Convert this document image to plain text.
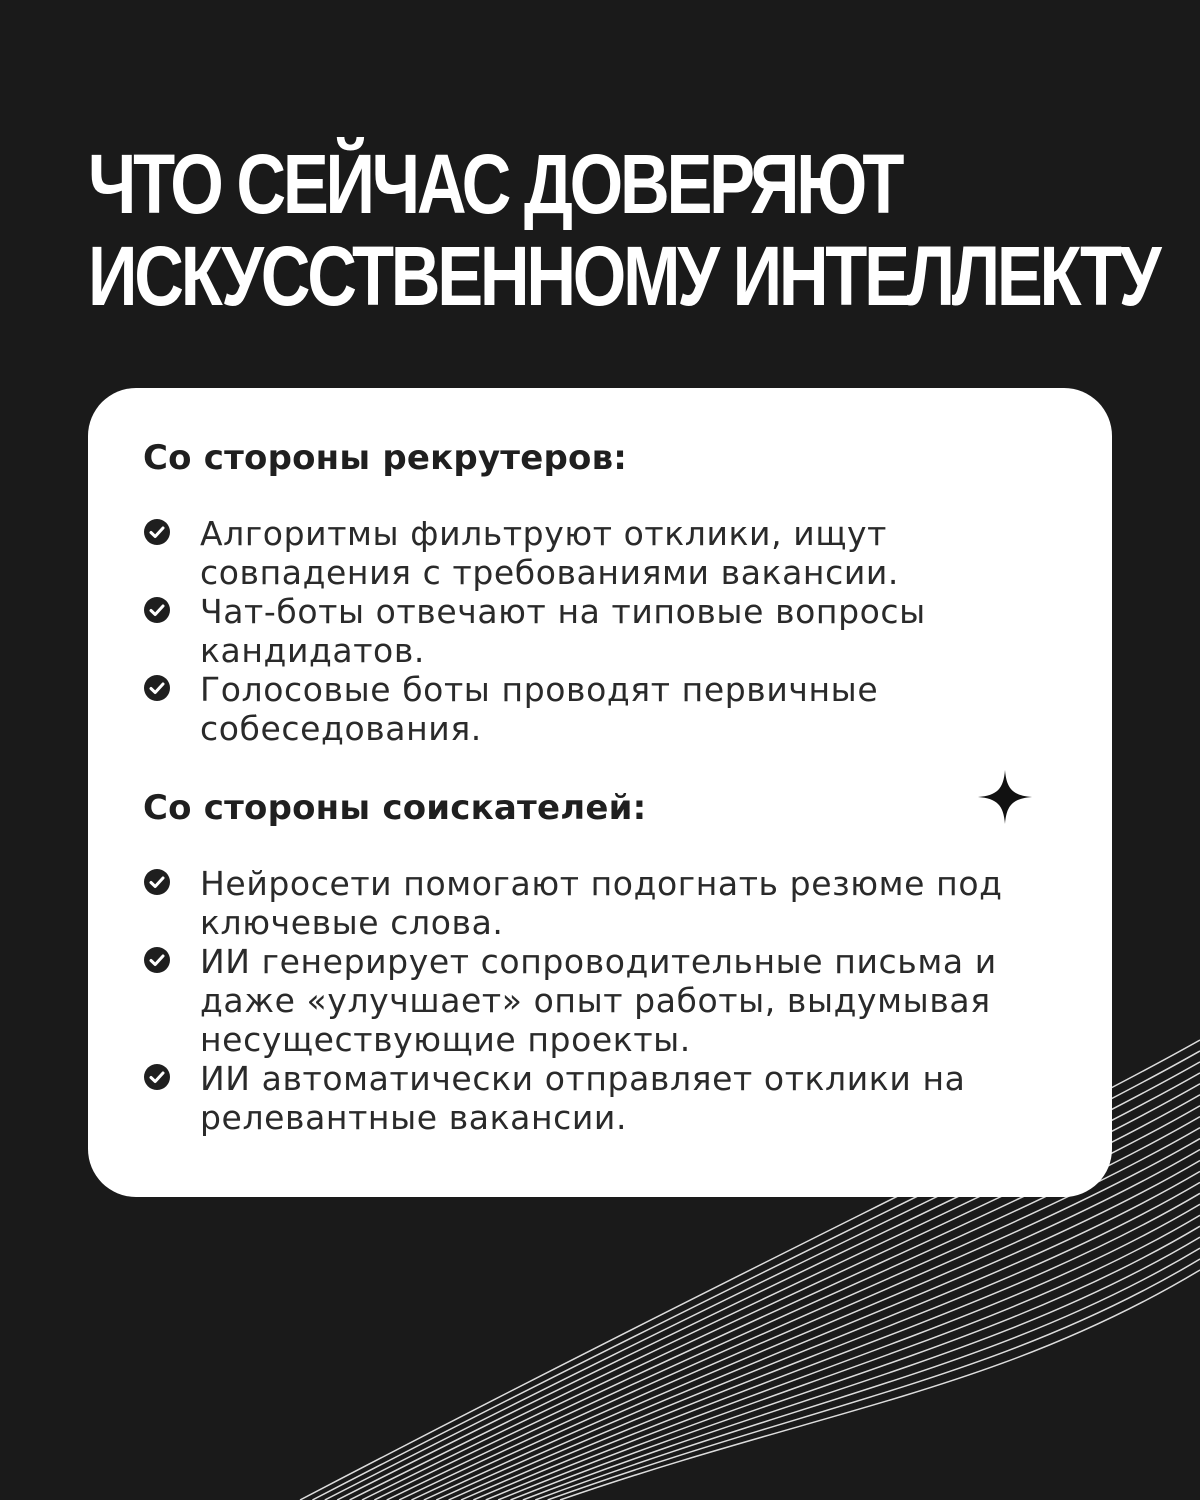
ЧТО СЕЙЧАС ДОВЕРЯЮТ
ИСКУССТВЕННОМУ ИНТЕЛЛЕКТУ
Со стороны рекрутеров:
Алгоритмы фильтруют отклики, ищут совпадения с требованиями вакансии.
Чат-боты отвечают на типовые вопросы кандидатов.
Голосовые боты проводят первичные собеседования.
Со стороны соискателей:
Нейросети помогают подогнать резюме под ключевые слова.
ИИ генерирует сопроводительные письма и даже «улучшает» опыт работы, выдумывая несуществующие проекты.
ИИ автоматически отправляет отклики на релевантные вакансии.
